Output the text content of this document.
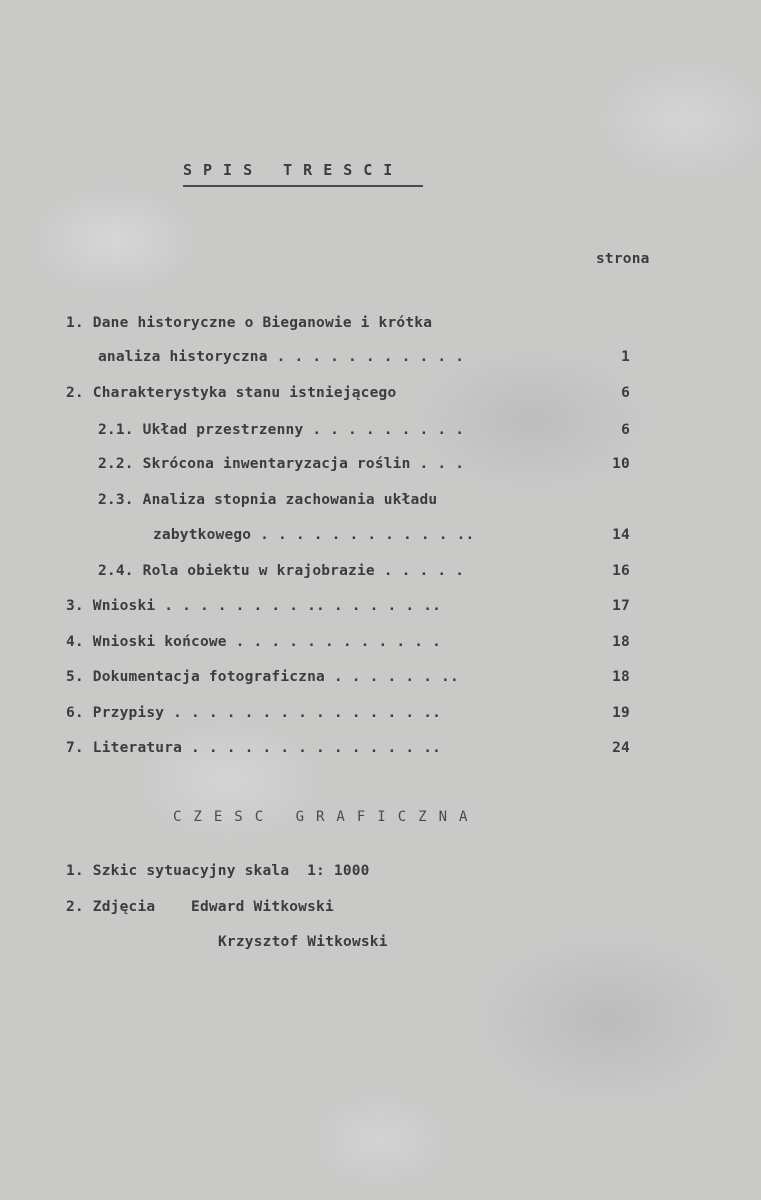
SPIS TRESCI
strona
1. Dane historyczne o Bieganowie i krótka
analiza historyczna . . . . . . . . . . .	1
2. Charakterystyka stanu istniejącego	6
2.1. Układ przestrzenny . . . . . . . . .	6
2.2. Skrócona inwentaryzacja roślin . . .	10
2.3. Analiza stopnia zachowania układu
zabytkowego . . . . . . . . . . . ..	14
2.4. Rola obiektu w krajobrazie . . . . .	16
3. Wnioski . . . . . . . . .. . . . . . ..	17
4. Wnioski końcowe . . . . . . . . . . . .	18
5. Dokumentacja fotograficzna . . . . . . ..	18
6. Przypisy . . . . . . . . . . . . . . ..	19
7. Literatura . . . . . . . . . . . . . ..	24
CZESC GRAFICZNA
1. Szkic sytuacyjny skala  1: 1000
2. Zdjęcia    Edward Witkowski
Krzysztof Witkowski
